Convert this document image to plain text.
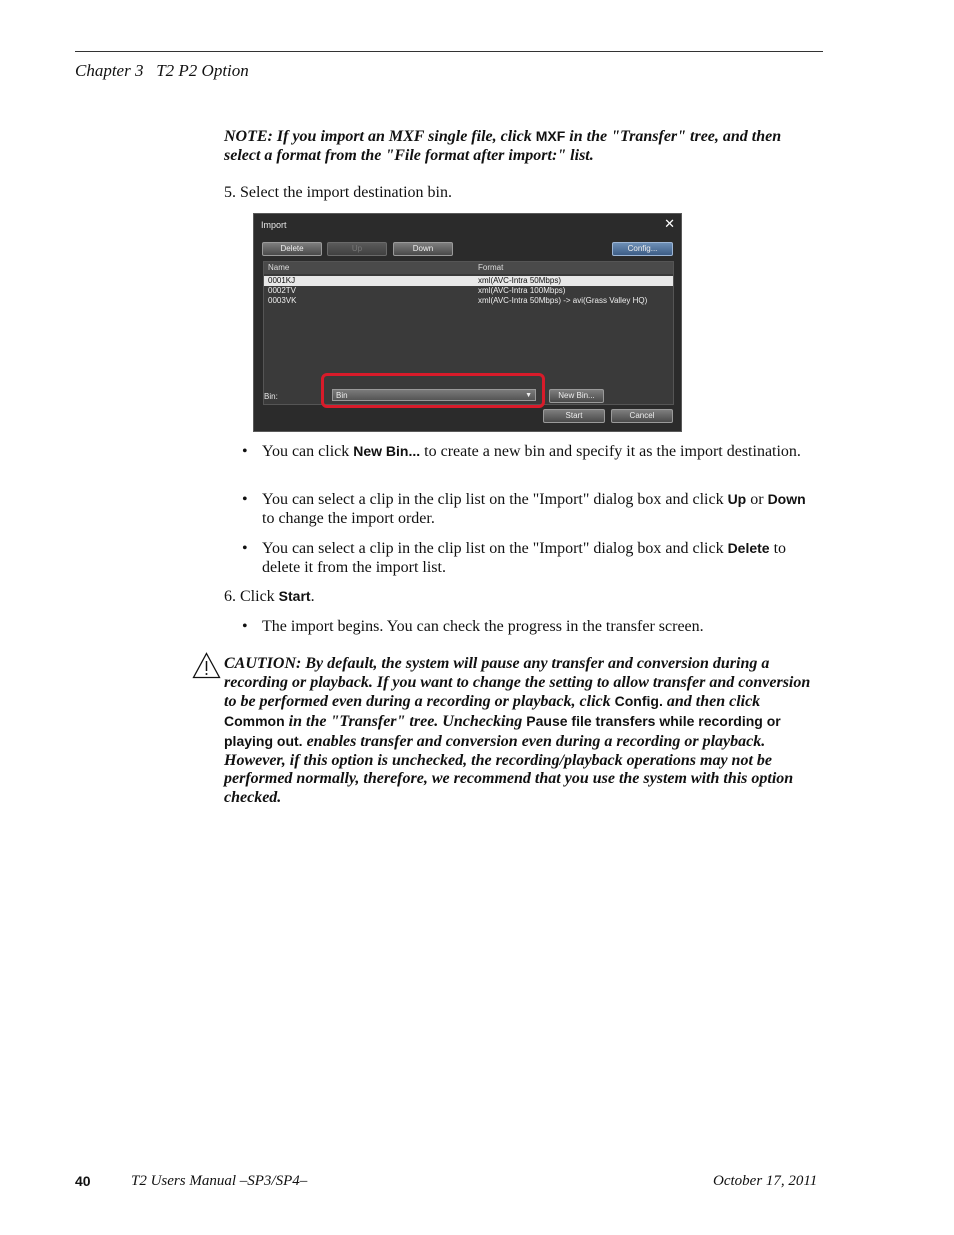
Chapter 3   T2 P2 Option
NOTE: If you import an MXF single file, click MXF in the "Transfer" tree, and then select a format from the "File format after import:" list.
5. Select the import destination bin.
Import	✕
Delete	Up	Down	Config...
Name	Format
0001KJ	xml(AVC-Intra 50Mbps)
0002TV	xml(AVC-Intra 100Mbps)
0003VK	xml(AVC-Intra 50Mbps) -> avi(Grass Valley HQ)
Bin:	Bin	▼	New Bin...
Start	Cancel
• You can click New Bin... to create a new bin and specify it as the import destination.
• You can select a clip in the clip list on the "Import" dialog box and click Up or Down to change the import order.
• You can select a clip in the clip list on the "Import" dialog box and click Delete to delete it from the import list.
6. Click Start.
• The import begins. You can check the progress in the transfer screen.
CAUTION: By default, the system will pause any transfer and conversion during a recording or playback. If you want to change the setting to allow transfer and conversion to be performed even during a recording or playback, click Config. and then click Common in the "Transfer" tree. Unchecking Pause file transfers while recording or playing out. enables transfer and conversion even during a recording or playback. However, if this option is unchecked, the recording/playback operations may not be performed normally, therefore, we recommend that you use the system with this option checked.
40	T2 Users Manual –SP3/SP4–	October 17, 2011
